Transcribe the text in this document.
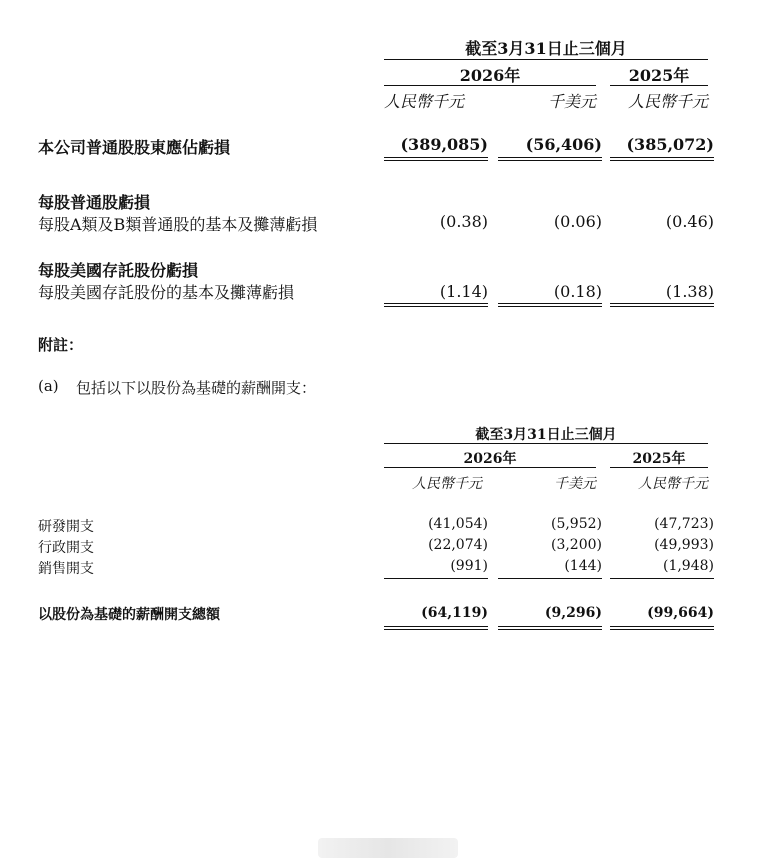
截至3月31日止三個月
2026年	2025年
人民幣千元	千美元	人民幣千元
本公司普通股股東應佔虧損	(389,085)	(56,406)	(385,072)
每股普通股虧損
每股A類及B類普通股的基本及攤薄虧損	(0.38)	(0.06)	(0.46)
每股美國存託股份虧損
每股美國存託股份的基本及攤薄虧損	(1.14)	(0.18)	(1.38)
附註：
(a) 包括以下以股份為基礎的薪酬開支：
截至3月31日止三個月
2026年	2025年
人民幣千元	千美元	人民幣千元
研發開支	(41,054)	(5,952)	(47,723)
行政開支	(22,074)	(3,200)	(49,993)
銷售開支	(991)	(144)	(1,948)
以股份為基礎的薪酬開支總額	(64,119)	(9,296)	(99,664)
